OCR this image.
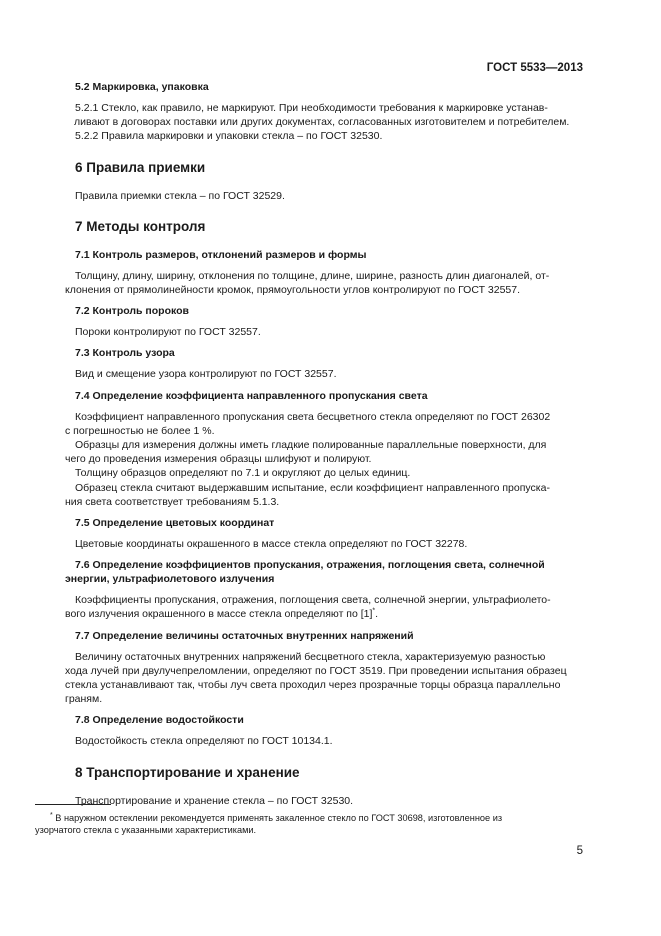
ГОСТ 5533—2013
5.2 Маркировка, упаковка
5.2.1 Стекло, как правило, не маркируют. При необходимости требования к маркировке устанав-
ливают в договорах поставки или других документах, согласованных изготовителем и потребителем.
5.2.2 Правила маркировки и упаковки стекла – по ГОСТ 32530.
6 Правила приемки
Правила приемки стекла – по ГОСТ 32529.
7 Методы контроля
7.1 Контроль размеров, отклонений размеров и формы
Толщину, длину, ширину, отклонения по толщине, длине, ширине, разность длин диагоналей, от-
клонения от прямолинейности кромок, прямоугольности углов контролируют по ГОСТ 32557.
7.2 Контроль пороков
Пороки контролируют по ГОСТ 32557.
7.3 Контроль узора
Вид и смещение узора контролируют по ГОСТ 32557.
7.4 Определение коэффициента направленного пропускания света
Коэффициент направленного пропускания света бесцветного стекла определяют по ГОСТ 26302
с погрешностью не более 1 %.
Образцы для измерения должны иметь гладкие полированные параллельные поверхности, для
чего до проведения измерения образцы шлифуют и полируют.
Толщину образцов определяют по 7.1 и округляют до целых единиц.
Образец стекла считают выдержавшим испытание, если коэффициент направленного пропуска-
ния света соответствует требованиям 5.1.3.
7.5 Определение цветовых координат
Цветовые координаты окрашенного в массе стекла определяют по ГОСТ 32278.
7.6 Определение коэффициентов пропускания, отражения, поглощения света, солнечной
энергии, ультрафиолетового излучения
Коэффициенты пропускания, отражения, поглощения света, солнечной энергии, ультрафиолето-
вого излучения окрашенного в массе стекла определяют по [1]*.
7.7 Определение величины остаточных внутренних напряжений
Величину остаточных внутренних напряжений бесцветного стекла, характеризуемую разностью
хода лучей при двулучепреломлении, определяют по ГОСТ 3519. При проведении испытания образец
стекла устанавливают так, чтобы луч света проходил через прозрачные торцы образца параллельно
граням.
7.8 Определение водостойкости
Водостойкость стекла определяют по ГОСТ 10134.1.
8 Транспортирование и хранение
Транспортирование и хранение стекла – по ГОСТ 32530.
* В наружном остеклении рекомендуется применять закаленное стекло по ГОСТ 30698, изготовленное из
узорчатого стекла с указанными характеристиками.
5
